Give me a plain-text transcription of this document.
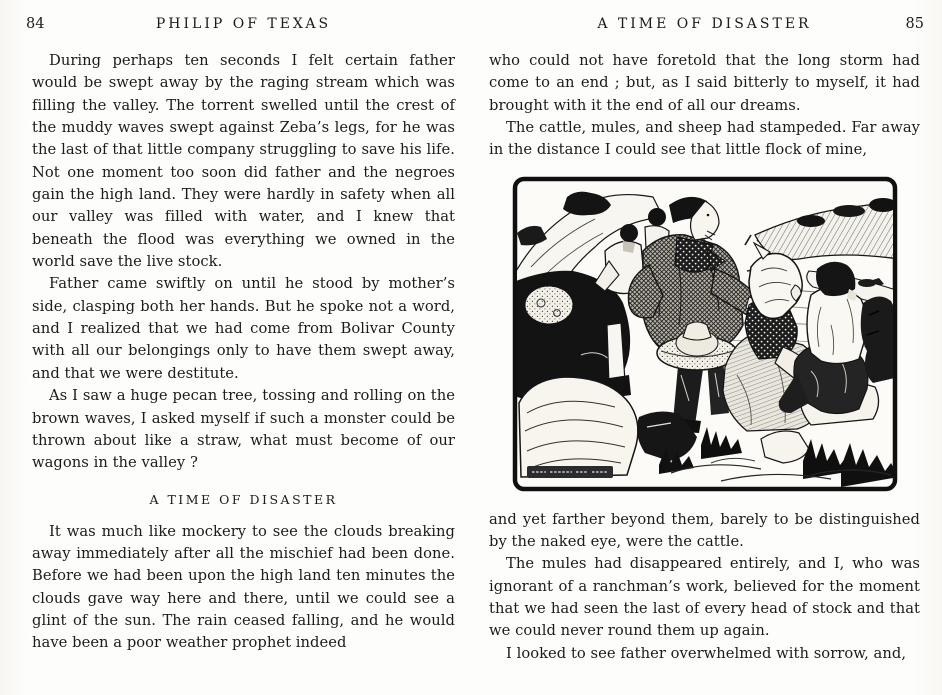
84	PHILIP OF TEXAS

During perhaps ten seconds I felt certain father would be swept away by the raging stream which was filling the valley. The torrent swelled until the crest of the muddy waves swept against Zeba’s legs, for he was the last of that little company struggling to save his life. Not one moment too soon did father and the negroes gain the high land. They were hardly in safety when all our valley was filled with water, and I knew that beneath the flood was everything we owned in the world save the live stock.

Father came swiftly on until he stood by mother’s side, clasping both her hands. But he spoke not a word, and I realized that we had come from Bolivar County with all our belongings only to have them swept away, and that we were destitute.

As I saw a huge pecan tree, tossing and rolling on the brown waves, I asked myself if such a monster could be thrown about like a straw, what must become of our wagons in the valley ?

A TIME OF DISASTER

It was much like mockery to see the clouds breaking away immediately after all the mischief had been done. Before we had been upon the high land ten minutes the clouds gave way here and there, until we could see a glint of the sun. The rain ceased falling, and he would have been a poor weather prophet indeed

A TIME OF DISASTER	85

who could not have foretold that the long storm had come to an end ; but, as I said bitterly to myself, it had brought with it the end of all our dreams.

The cattle, mules, and sheep had stampeded. Far away in the distance I could see that little flock of mine,

and yet farther beyond them, barely to be distinguished by the naked eye, were the cattle.

The mules had disappeared entirely, and I, who was ignorant of a ranchman’s work, believed for the moment that we had seen the last of every head of stock and that we could never round them up again.

I looked to see father overwhelmed with sorrow, and,
